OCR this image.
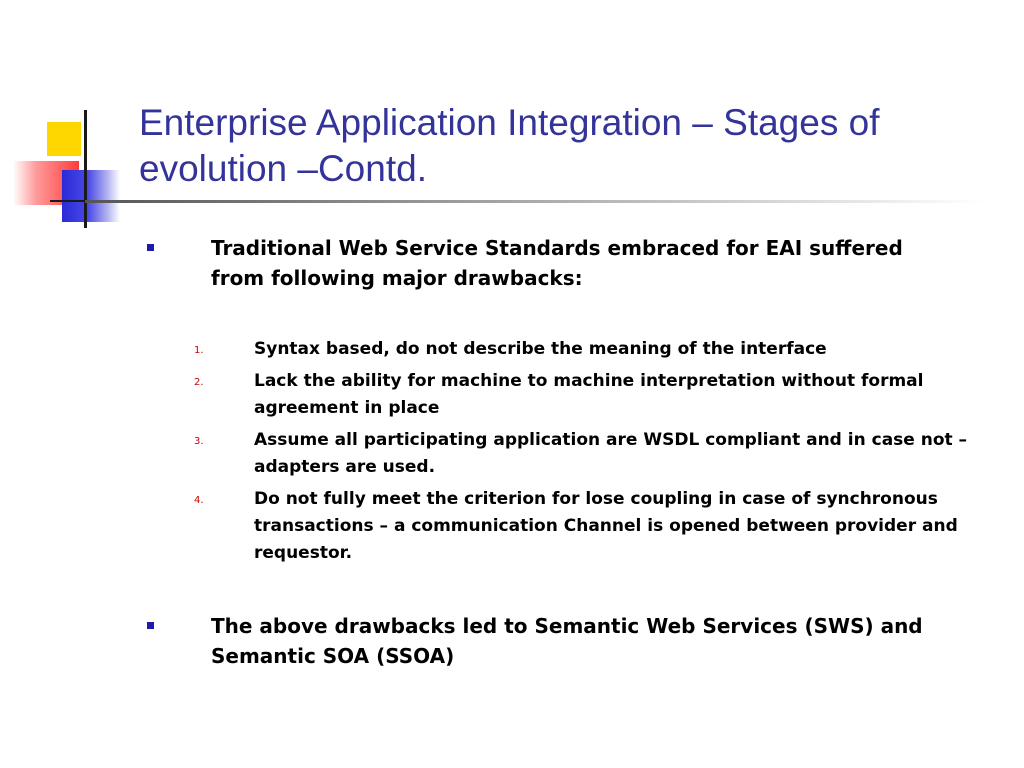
Enterprise Application Integration – Stages of evolution –Contd.
Traditional Web Service Standards embraced for EAI suffered from following major drawbacks:
1.	Syntax based, do not describe the meaning of the interface
2.	Lack the ability for machine to machine interpretation without formal agreement in place
3.	Assume all participating application are WSDL compliant and in case not – adapters are used.
4.	Do not fully meet the criterion for lose coupling in case of synchronous transactions – a communication Channel is opened between provider and requestor.
The above drawbacks led to Semantic Web Services (SWS) and Semantic SOA (SSOA)
